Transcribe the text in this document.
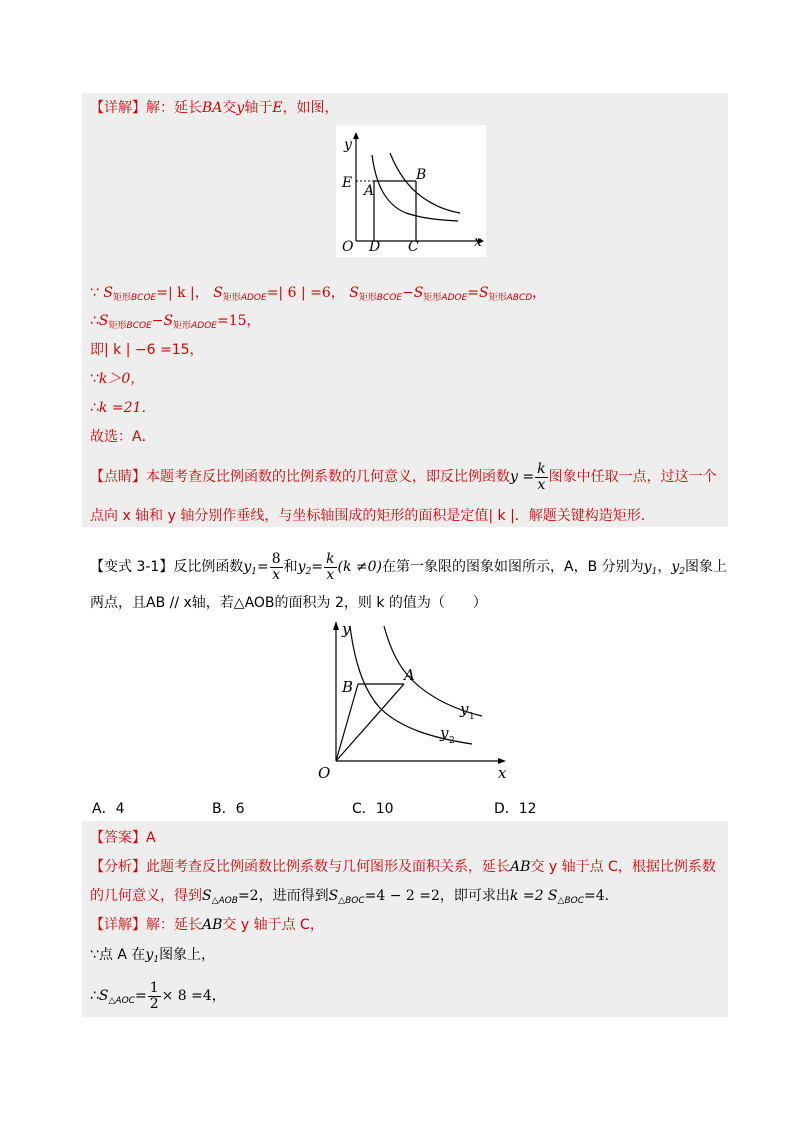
【详解】解：延长BA交y轴于E，如图，
y
x
O
E A
B
D C
∵ $S_{矩形BCOE}=|$ k |， $S_{矩形ADOE}=|$ 6 | =6， $S_{矩形BCOE}-S_{矩形ADOE}=S_{矩形ABCD}$，
$\therefore S_{矩形BCOE}-S_{矩形ADOE}=15$，
即| k | −6 =15，
∵k＞0，
∴k =21．
故选：A．
【点睛】本题考查反比例函数的比例系数的几何意义，即反比例函数$y = \frac{k}{x}$ 图象中任取一点，过这一个
点向 x 轴和 y 轴分别作垂线，与坐标轴围成的矩形的面积是定值| k |．解题关键构造矩形．
【变式 3-1】反比例函数$y_1= \frac{8}{x}$ 和$y_2= \frac{k}{x} (k \ne 0)$在第一象限的图象如图所示，A，B 分别为$y_1$，$y_2$图象上
两点，且AB // x轴，若△AOB的面积为 2，则 k 的值为（　　）
y
x
O
B
A
y 1
y 2
A．4	B．6	C．10	D．12
【答案】A
【分析】此题考查反比例函数比例系数与几何图形及面积关系，延长AB交 y 轴于点 C，根据比例系数
的几何意义，得到$S_{\triangle AOB}=2$，进而得到$S_{\triangle BOC}=4 - 2 =2$，即可求出k =2 $S_{\triangle BOC}=4$．
【详解】解：延长AB交 y 轴于点 C，
∵点 A 在$y_1$图象上，
$\therefore S_{\triangle AOC}= \frac{1}{2} \times 8 =4$，
